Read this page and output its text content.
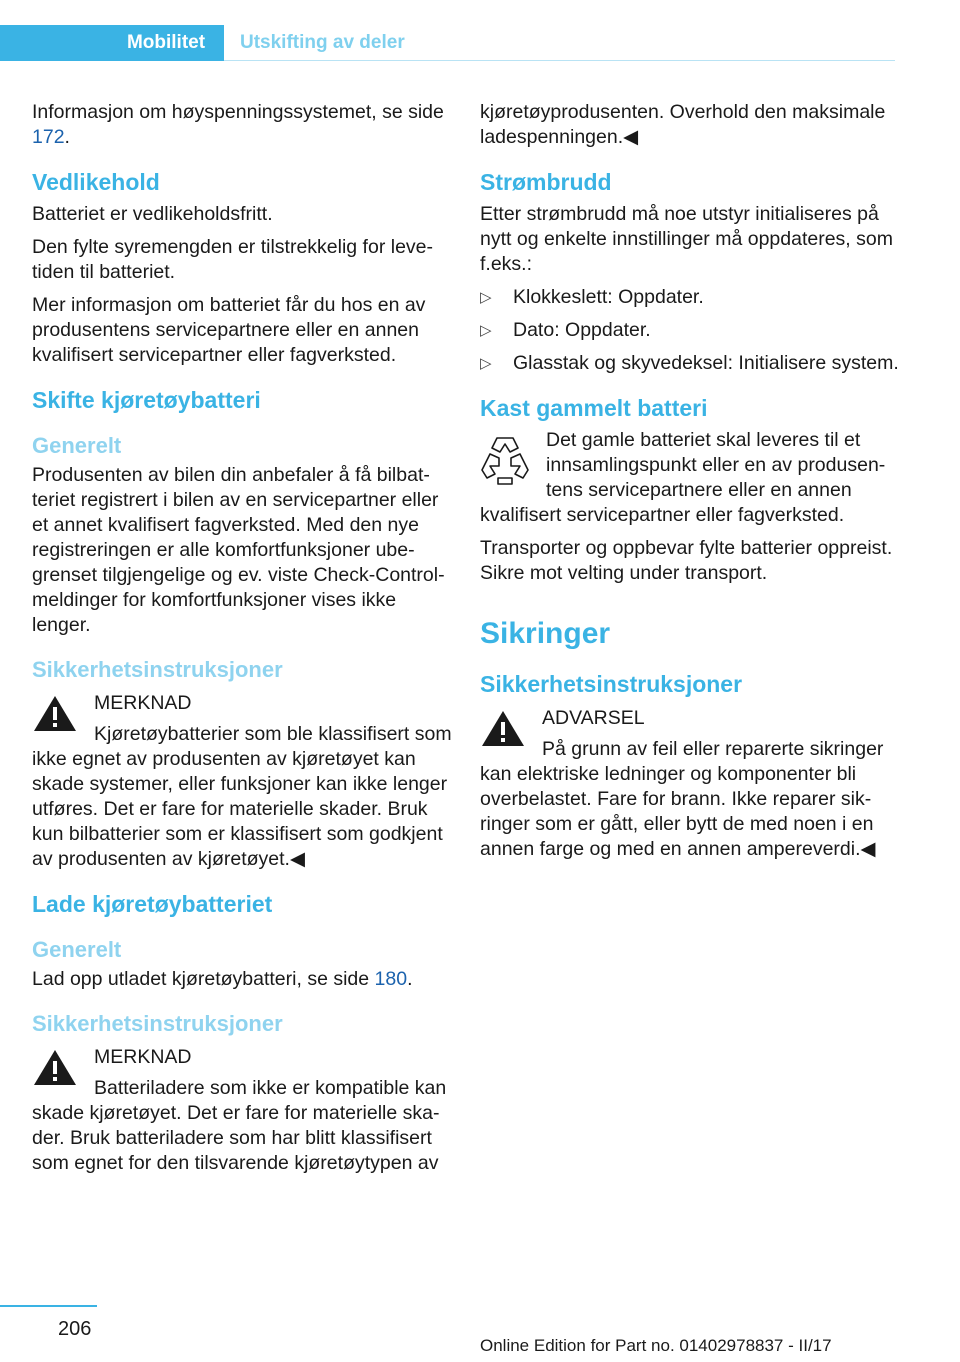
Mobilitet	Utskifting av deler

Informasjon om høyspenningssystemet, se side 172.

Vedlikehold

Batteriet er vedlikeholdsfritt.

Den fylte syremengden er tilstrekkelig for levetiden til batteriet.

Mer informasjon om batteriet får du hos en av produsentens servicepartnere eller en annen kvalifisert servicepartner eller fagverksted.

Skifte kjøretøybatteri
Generelt

Produsenten av bilen din anbefaler å få bilbatteriet registrert i bilen av en servicepartner eller et annet kvalifisert fagverksted. Med den nye registreringen er alle komfortfunksjoner ubegrenset tilgjengelige og ev. viste Check-Control-meldinger for komfortfunksjoner vises ikke lenger.

Sikkerhetsinstruksjoner

MERKNAD

Kjøretøybatterier som ble klassifisert som ikke egnet av produsenten av kjøretøyet kan skade systemer, eller funksjoner kan ikke lenger utføres. Det er fare for materielle skader. Bruk kun bilbatterier som er klassifisert som godkjent av produsenten av kjøretøyet.◀

Lade kjøretøybatteriet
Generelt

Lad opp utladet kjøretøybatteri, se side 180.

Sikkerhetsinstruksjoner

MERKNAD

Batteriladere som ikke er kompatible kan skade kjøretøyet. Det er fare for materielle skader. Bruk batteriladere som har blitt klassifisert som egnet for den tilsvarende kjøretøytypen av

kjøretøyprodusenten. Overhold den maksimale ladespenningen.◀

Strømbrudd

Etter strømbrudd må noe utstyr initialiseres på nytt og enkelte innstillinger må oppdateres, som f.eks.:

▷ Klokkeslett: Oppdater.
▷ Dato: Oppdater.
▷ Glasstak og skyvedeksel: Initialisere system.
Kast gammelt batteri

Det gamle batteriet skal leveres til et innsamlingspunkt eller en av produsentens servicepartnere eller en annen kvalifisert servicepartner eller fagverksted.

Transporter og oppbevar fylte batterier oppreist. Sikre mot velting under transport.

Sikringer
Sikkerhetsinstruksjoner

ADVARSEL

På grunn av feil eller reparerte sikringer kan elektriske ledninger og komponenter bli overbelastet. Fare for brann. Ikke reparer sikringer som er gått, eller bytt de med noen i en annen farge og med en annen ampereverdi.◀

206
Online Edition for Part no. 01402978837 - II/17
